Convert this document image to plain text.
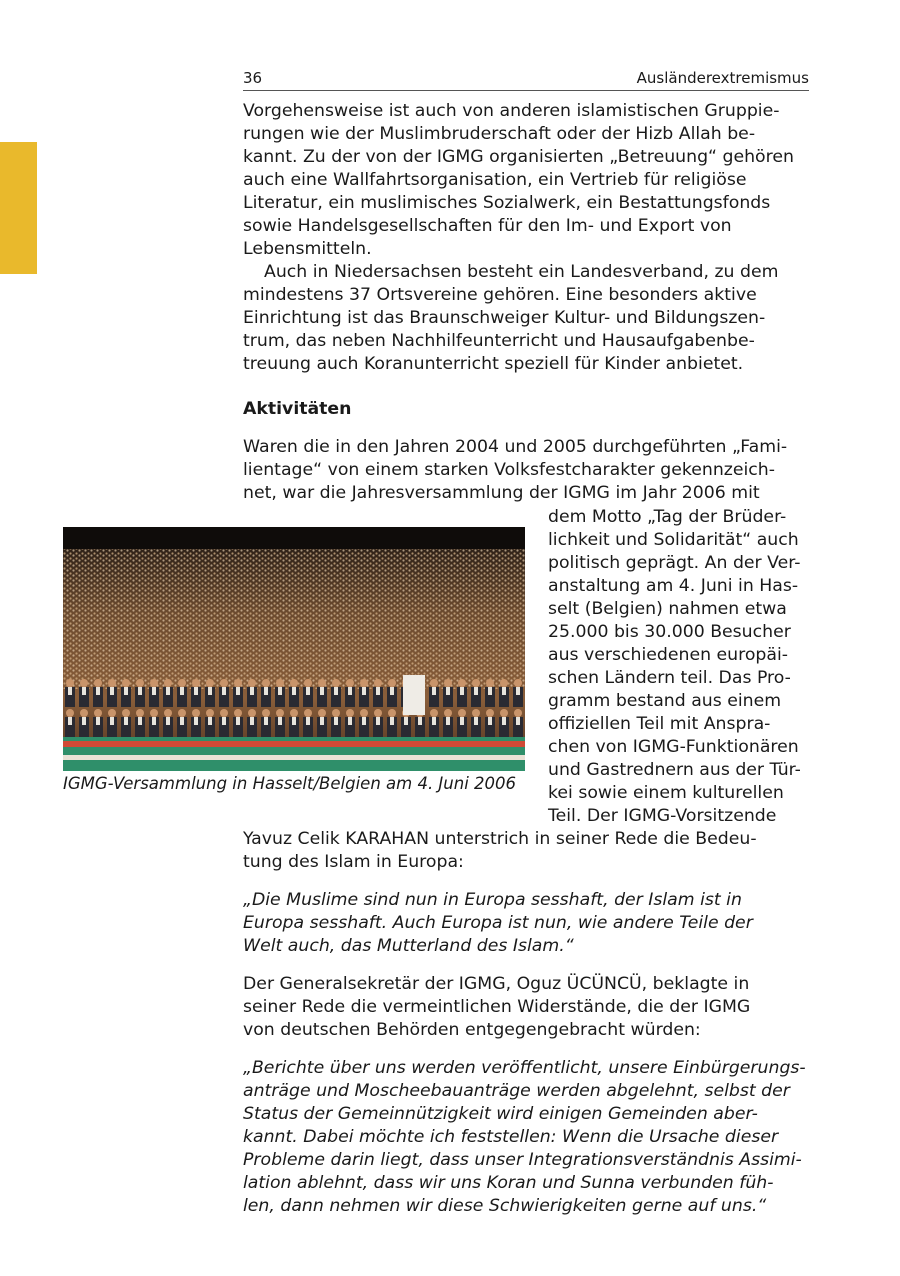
36	Ausländerextremismus
Vorgehensweise ist auch von anderen islamistischen Gruppie-
rungen wie der Muslimbruderschaft oder der Hizb Allah be-
kannt. Zu der von der IGMG organisierten „Betreuung“ gehören
auch eine Wallfahrtsorganisation, ein Vertrieb für religiöse
Literatur, ein muslimisches Sozialwerk, ein Bestattungsfonds
sowie Handelsgesellschaften für den Im- und Export von
Lebensmitteln.
Auch in Niedersachsen besteht ein Landesverband, zu dem
mindestens 37 Ortsvereine gehören. Eine besonders aktive
Einrichtung ist das Braunschweiger Kultur- und Bildungszen-
trum, das neben Nachhilfeunterricht und Hausaufgabenbe-
treuung auch Koranunterricht speziell für Kinder anbietet.
Aktivitäten
Waren die in den Jahren 2004 und 2005 durchgeführten „Fami-
lientage“ von einem starken Volksfestcharakter gekennzeich-
net, war die Jahresversammlung der IGMG im Jahr 2006 mit
IGMG-Versammlung in Hasselt/Belgien am 4. Juni 2006
dem Motto „Tag der Brüder-
lichkeit und Solidarität“ auch
politisch geprägt. An der Ver-
anstaltung am 4. Juni in Has-
selt (Belgien) nahmen etwa
25.000 bis 30.000 Besucher
aus verschiedenen europäi-
schen Ländern teil. Das Pro-
gramm bestand aus einem
offiziellen Teil mit Anspra-
chen von IGMG-Funktionären
und Gastrednern aus der Tür-
kei sowie einem kulturellen
Teil. Der IGMG-Vorsitzende
Yavuz Celik KARAHAN unterstrich in seiner Rede die Bedeu-
tung des Islam in Europa:
„Die Muslime sind nun in Europa sesshaft, der Islam ist in
Europa sesshaft. Auch Europa ist nun, wie andere Teile der
Welt auch, das Mutterland des Islam.“
Der Generalsekretär der IGMG, Oguz ÜCÜNCÜ, beklagte in
seiner Rede die vermeintlichen Widerstände, die der IGMG
von deutschen Behörden entgegengebracht würden:
„Berichte über uns werden veröffentlicht, unsere Einbürgerungs-
anträge und Moscheebauanträge werden abgelehnt, selbst der
Status der Gemeinnützigkeit wird einigen Gemeinden aber-
kannt. Dabei möchte ich feststellen: Wenn die Ursache dieser
Probleme darin liegt, dass unser Integrationsverständnis Assimi-
lation ablehnt, dass wir uns Koran und Sunna verbunden füh-
len, dann nehmen wir diese Schwierigkeiten gerne auf uns.“
